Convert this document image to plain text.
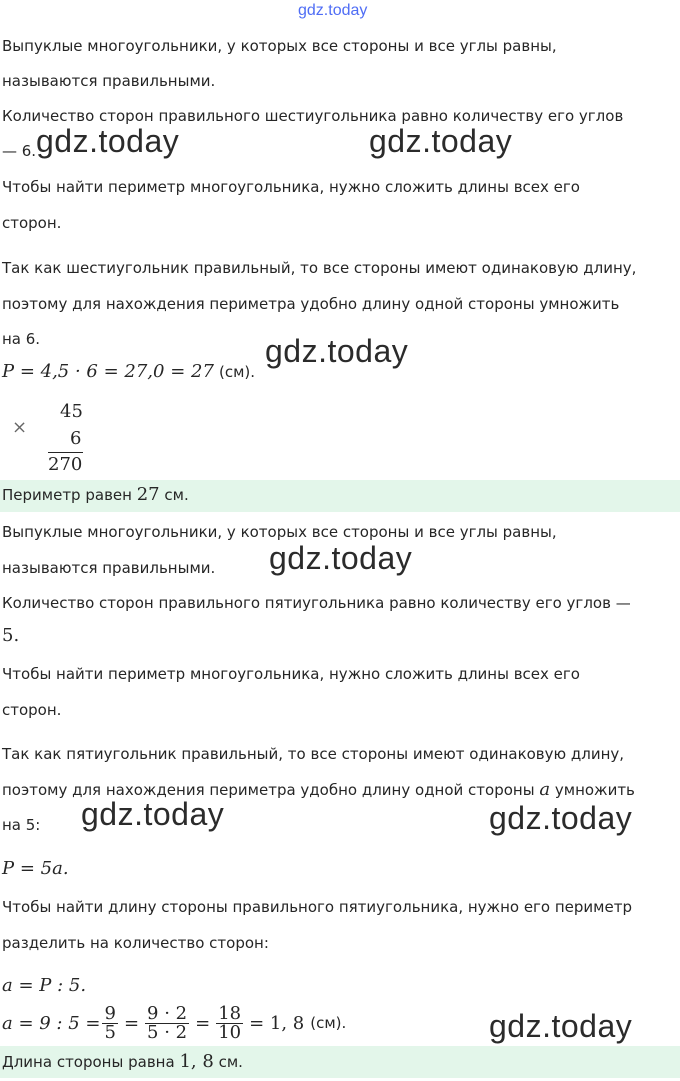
gdz.today
Выпуклые многоугольники, у которых все стороны и все углы равны,
называются правильными.
Количество сторон правильного шестиугольника равно количеству его углов
— 6. gdz.today	gdz.today
Чтобы найти периметр многоугольника, нужно сложить длины всех его
сторон.
Так как шестиугольник правильный, то все стороны имеют одинаковую длину,
поэтому для нахождения периметра удобно длину одной стороны умножить
на 6.	gdz.today
P = 4,5 · 6 = 27,0 = 27 (см).
×
45
6
270
Периметр равен 27 см.
Выпуклые многоугольники, у которых все стороны и все углы равны,
называются правильными. gdz.today
Количество сторон правильного пятиугольника равно количеству его углов —
5.
Чтобы найти периметр многоугольника, нужно сложить длины всех его
сторон.
Так как пятиугольник правильный, то все стороны имеют одинаковую длину,
поэтому для нахождения периметра удобно длину одной стороны a умножить
на 5: gdz.today	gdz.today
P = 5a.
Чтобы найти длину стороны правильного пятиугольника, нужно его периметр
разделить на количество сторон:
a = P : 5.
a = 9 : $5 = \frac{9}{5} = \frac{9 \cdot 2}{5 \cdot 2} = \frac{18}{10} = 1$, 8 (см).	gdz.today
Длина стороны равна 1, 8 см.
